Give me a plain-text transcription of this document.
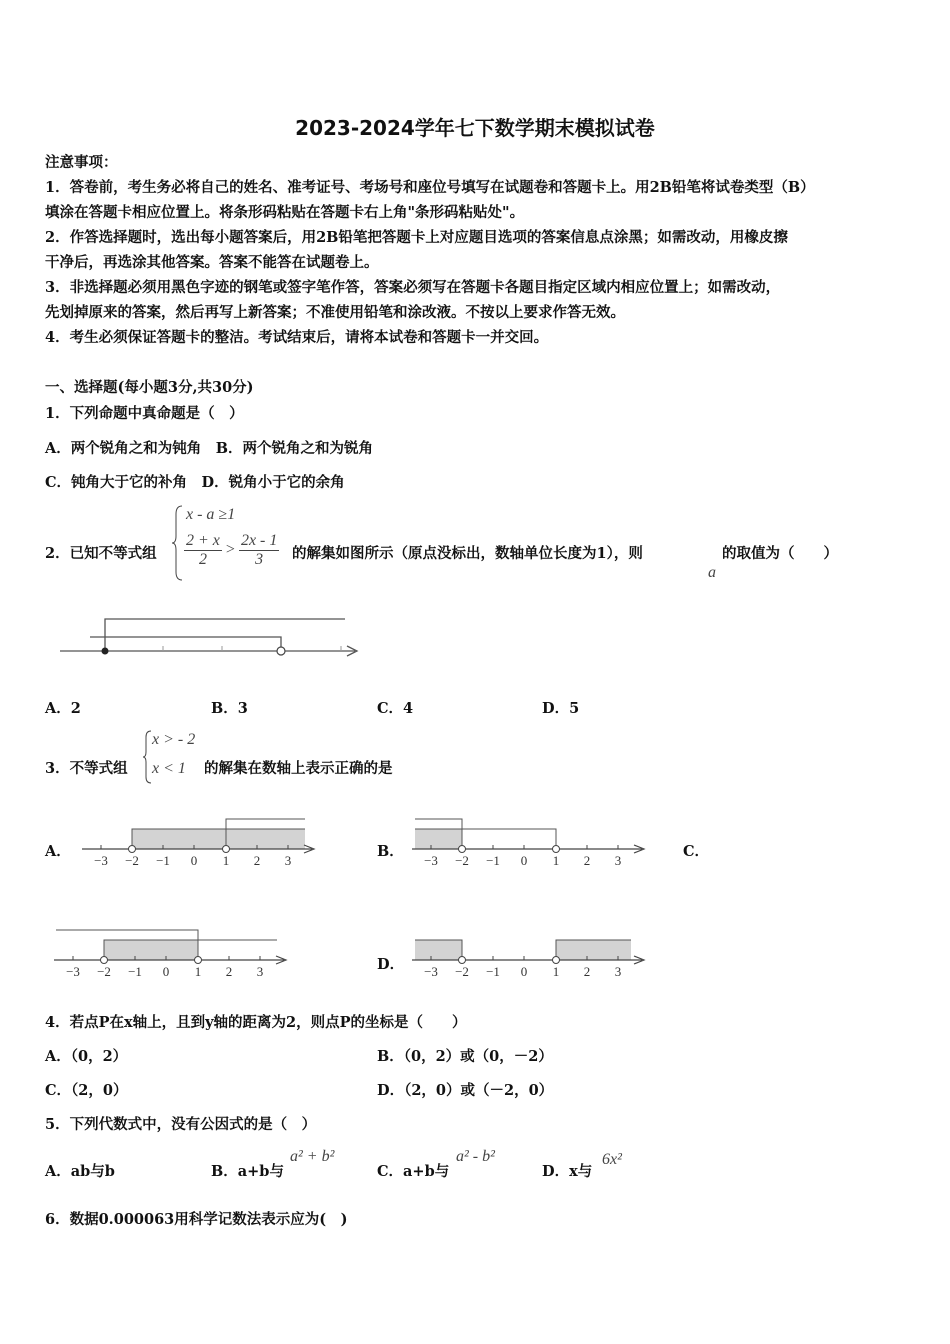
2023-2024学年七下数学期末模拟试卷
注意事项：
1．答卷前，考生务必将自己的姓名、准考证号、考场号和座位号填写在试题卷和答题卡上。用2B铅笔将试卷类型（B）
填涂在答题卡相应位置上。将条形码粘贴在答题卡右上角"条形码粘贴处"。
2．作答选择题时，选出每小题答案后，用2B铅笔把答题卡上对应题目选项的答案信息点涂黑；如需改动，用橡皮擦
干净后，再选涂其他答案。答案不能答在试题卷上。
3．非选择题必须用黑色字迹的钢笔或签字笔作答，答案必须写在答题卡各题目指定区域内相应位置上；如需改动，
先划掉原来的答案，然后再写上新答案；不准使用铅笔和涂改液。不按以上要求作答无效。
4．考生必须保证答题卡的整洁。考试结束后，请将本试卷和答题卡一并交回。
一、选择题(每小题3分,共30分)
1．下列命题中真命题是（　）
A．两个锐角之和为钝角　B．两个锐角之和为锐角
C．钝角大于它的补角　D．锐角小于它的余角
2．已知不等式组
x - a ≥1
$\frac{2 + x}{2} > \frac{2x - 1}{3}$ 的解集如图所示（原点没标出，数轴单位长度为1），则
a
的取值为（　　）
A．2	B．3	C．4	D．5
3．不等式组
x > - 2
x < 1 的解集在数轴上表示正确的是
A．	B．	C．
D．
−3 −2 −1 0 1 2 3	−3 −2 −1 0 1 2 3
−3 −2 −1 0 1 2 3	−3 −2 −1 0 1 2 3
4．若点P在x轴上，且到y轴的距离为2，则点P的坐标是（　　）
A．（0，2）	B．（0，2）或（0，－2）
C．（2，0）	D．（2，0）或（－2，0）
5．下列代数式中，没有公因式的是（　）
A．ab与b	B．a+b与
a² + b²
C．a+b与
a² - b²
D．x与
6x²
6．数据0.000063用科学记数法表示应为(　)
